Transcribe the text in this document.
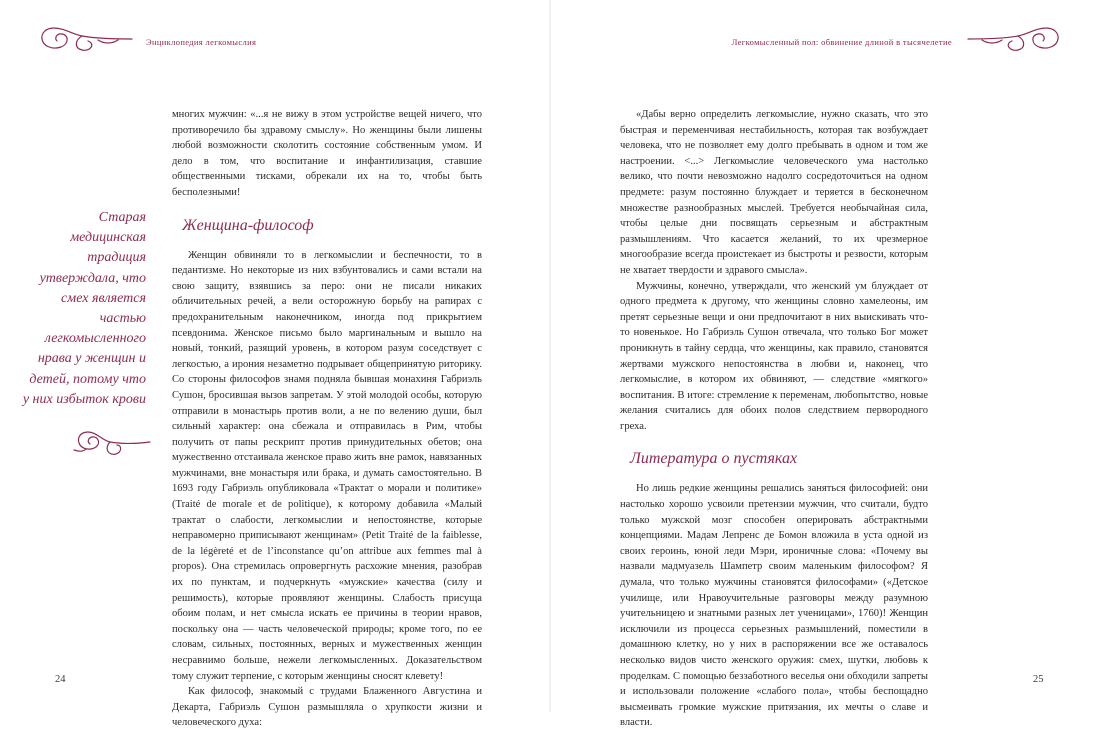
Энциклопедия легкомыслия
Старая медицинская традиция утверждала, что смех является частью легкомысленного нрава у женщин и детей, потому что у них избыток крови

многих мужчин: «...я не вижу в этом устройстве вещей ничего, что противоречило бы здравому смыслу». Но женщины были лишены любой возможности сколотить состояние собственным умом. И дело в том, что воспитание и инфантилизация, ставшие общественными тисками, обрекали их на то, чтобы быть бесполезными!

Женщина-философ

Женщин обвиняли то в легкомыслии и беспечности, то в педантизме. Но некоторые из них взбунтовались и сами встали на свою защиту, взявшись за перо: они не писали никаких обличительных речей, а вели осторожную борьбу на рапирах с предохранительным наконечником, иногда под прикрытием псевдонима. Женское письмо было маргинальным и вышло на новый, тонкий, разящий уровень, в котором разум соседствует с легкостью, а ирония незаметно подрывает общепринятую риторику. Со стороны философов знамя подняла бывшая монахиня Габриэль Сушон, бросившая вызов запретам. У этой молодой особы, которую отправили в монастырь против воли, а не по велению души, был сильный характер: она сбежала и отправилась в Рим, чтобы получить от папы рескрипт против принудительных обетов; она мужественно отстаивала женское право жить вне рамок, навязанных мужчинами, вне монастыря или брака, и думать самостоятельно. В 1693 году Габриэль опубликовала «Трактат о морали и политике» (Traité de morale et de politique), к которому добавила «Малый трактат о слабости, легкомыслии и непостоянстве, которые неправомерно приписывают женщинам» (Petit Traité de la faiblesse, de la légèreté et de l’inconstance qu’on attribue aux femmes mal à propos). Она стремилась опровергнуть расхожие мнения, разобрав их по пунктам, и подчеркнуть «мужские» качества (силу и решимость), которые проявляют женщины. Слабость присуща обоим полам, и нет смысла искать ее причины в теории нравов, поскольку она — часть человеческой природы; кроме того, по ее словам, сильных, постоянных, верных и мужественных женщин несравнимо больше, нежели легкомысленных. Доказательством тому служит терпение, с которым женщины сносят клевету!

Как философ, знакомый с трудами Блаженного Августина и Декарта, Габриэль Сушон размышляла о хрупкости жизни и человеческого духа:

24
Легкомысленный пол: обвинение длиной в тысячелетие

«Дабы верно определить легкомыслие, нужно сказать, что это быстрая и переменчивая нестабильность, которая так возбуждает человека, что не позволяет ему долго пребывать в одном и том же настроении. <...> Легкомыслие человеческого ума настолько велико, что почти невозможно надолго сосредоточиться на одном предмете: разум постоянно блуждает и теряется в бесконечном множестве разнообразных мыслей. Требуется необычайная сила, чтобы целые дни посвящать серьезным и абстрактным размышлениям. Что касается желаний, то их чрезмерное многообразие всегда проистекает из быстроты и резвости, которым не хватает твердости и здравого смысла».

Мужчины, конечно, утверждали, что женский ум блуждает от одного предмета к другому, что женщины словно хамелеоны, им претят серьезные вещи и они предпочитают в них выискивать что-то новенькое. Но Габриэль Сушон отвечала, что только Бог может проникнуть в тайну сердца, что женщины, как правило, становятся жертвами мужского непостоянства в любви и, наконец, что легкомыслие, в котором их обвиняют, — следствие «мягкого» воспитания. В итоге: стремление к переменам, любопытство, новые желания считались для обоих полов следствием первородного греха.

Литература о пустяках

Но лишь редкие женщины решались заняться философией: они настолько хорошо усвоили претензии мужчин, что считали, будто только мужской мозг способен оперировать абстрактными концепциями. Мадам Лепренс де Бомон вложила в уста одной из своих героинь, юной леди Мэри, ироничные слова: «Почему вы назвали мадмуазель Шампетр своим маленьким философом? Я думала, что только мужчины становятся философами» («Детское училище, или Нравоучительные разговоры между разумною учительницею и знатными разных лет ученицами», 1760)! Женщин исключили из процесса серьезных размышлений, поместили в домашнюю клетку, но у них в распоряжении все же оставалось несколько видов чисто женского оружия: смех, шутки, любовь к проделкам. С помощью беззаботного веселья они обходили запреты и использовали положение «слабого пола», чтобы беспощадно высмеивать громкие мужские притязания, их мечты о славе и власти.

25
